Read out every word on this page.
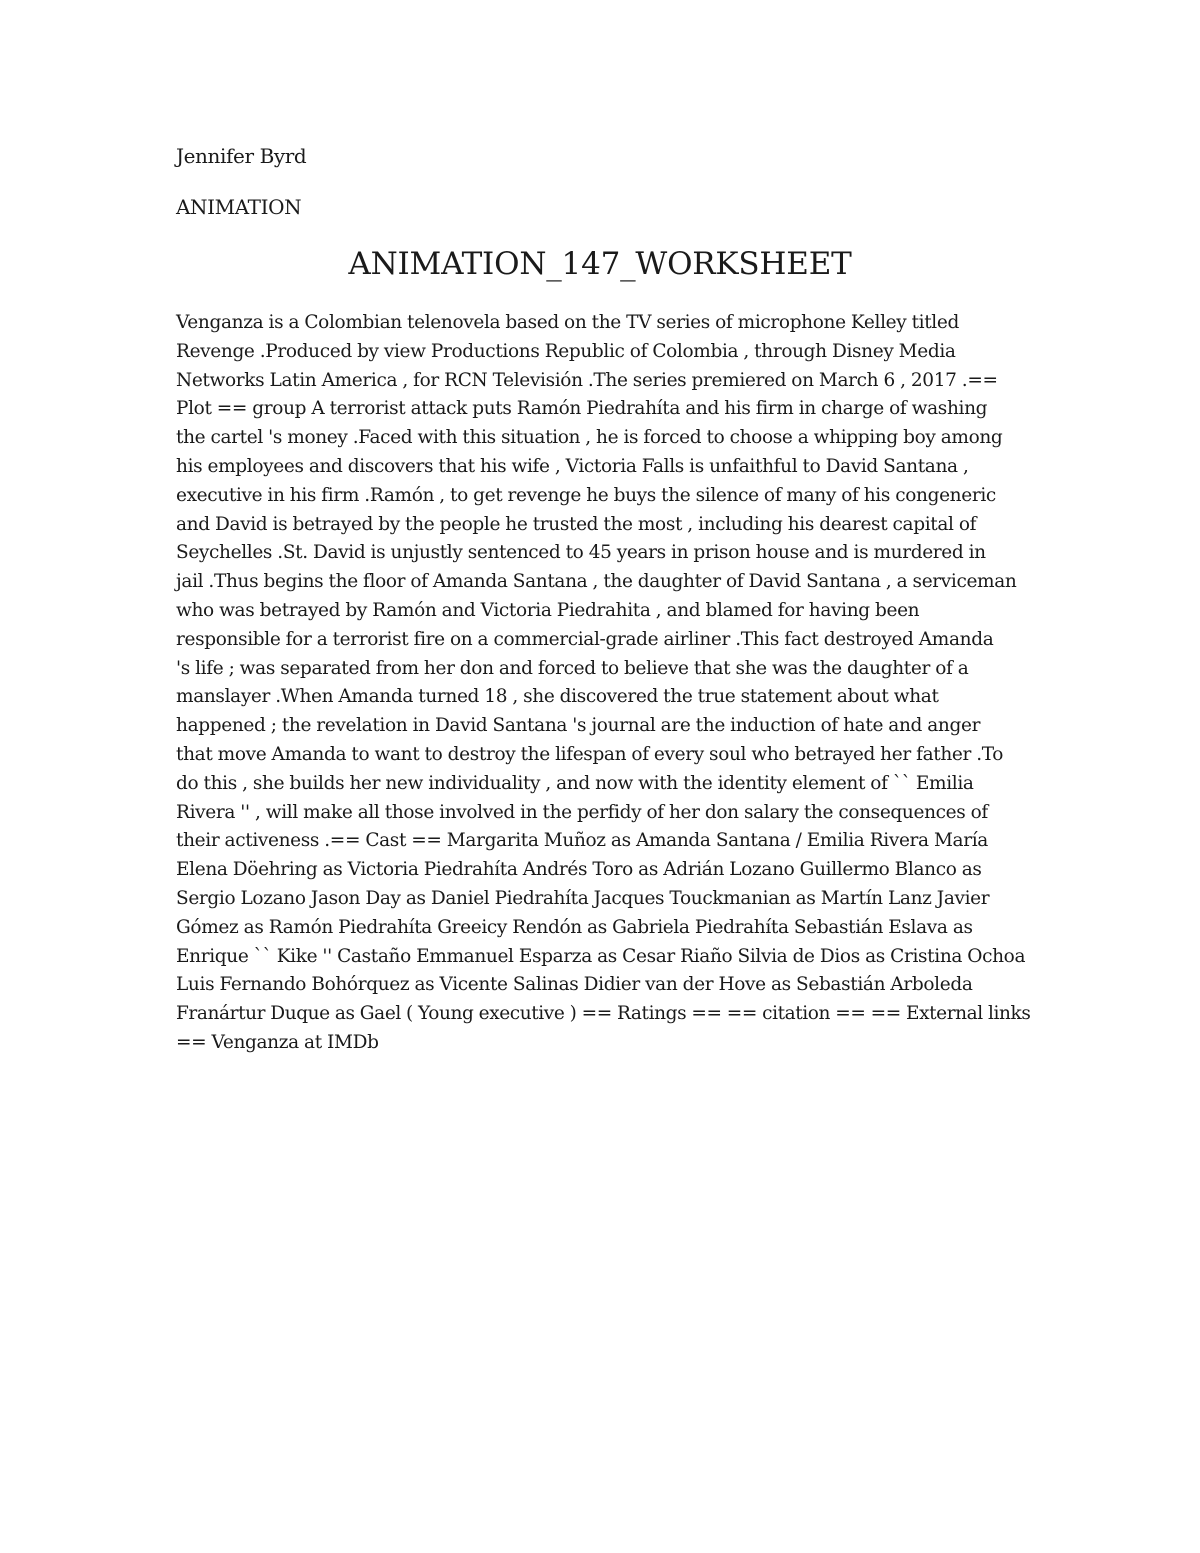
Jennifer Byrd
ANIMATION
ANIMATION_147_WORKSHEET
Venganza is a Colombian telenovela based on the TV series of microphone Kelley titled
Revenge .Produced by view Productions Republic of Colombia , through Disney Media
Networks Latin America , for RCN Televisión .The series premiered on March 6 , 2017 .==
Plot == group A terrorist attack puts Ramón Piedrahíta and his firm in charge of washing
the cartel 's money .Faced with this situation , he is forced to choose a whipping boy among
his employees and discovers that his wife , Victoria Falls is unfaithful to David Santana ,
executive in his firm .Ramón , to get revenge he buys the silence of many of his congeneric
and David is betrayed by the people he trusted the most , including his dearest capital of
Seychelles .St. David is unjustly sentenced to 45 years in prison house and is murdered in
jail .Thus begins the floor of Amanda Santana , the daughter of David Santana , a serviceman
who was betrayed by Ramón and Victoria Piedrahita , and blamed for having been
responsible for a terrorist fire on a commercial-grade airliner .This fact destroyed Amanda
's life ; was separated from her don and forced to believe that she was the daughter of a
manslayer .When Amanda turned 18 , she discovered the true statement about what
happened ; the revelation in David Santana 's journal are the induction of hate and anger
that move Amanda to want to destroy the lifespan of every soul who betrayed her father .To
do this , she builds her new individuality , and now with the identity element of `` Emilia
Rivera '' , will make all those involved in the perfidy of her don salary the consequences of
their activeness .== Cast == Margarita Muñoz as Amanda Santana / Emilia Rivera María
Elena Döehring as Victoria Piedrahíta Andrés Toro as Adrián Lozano Guillermo Blanco as
Sergio Lozano Jason Day as Daniel Piedrahíta Jacques Touckmanian as Martín Lanz Javier
Gómez as Ramón Piedrahíta Greeicy Rendón as Gabriela Piedrahíta Sebastián Eslava as
Enrique `` Kike '' Castaño Emmanuel Esparza as Cesar Riaño Silvia de Dios as Cristina Ochoa
Luis Fernando Bohórquez as Vicente Salinas Didier van der Hove as Sebastián Arboleda
Franártur Duque as Gael ( Young executive ) == Ratings == == citation == == External links
== Venganza at IMDb
